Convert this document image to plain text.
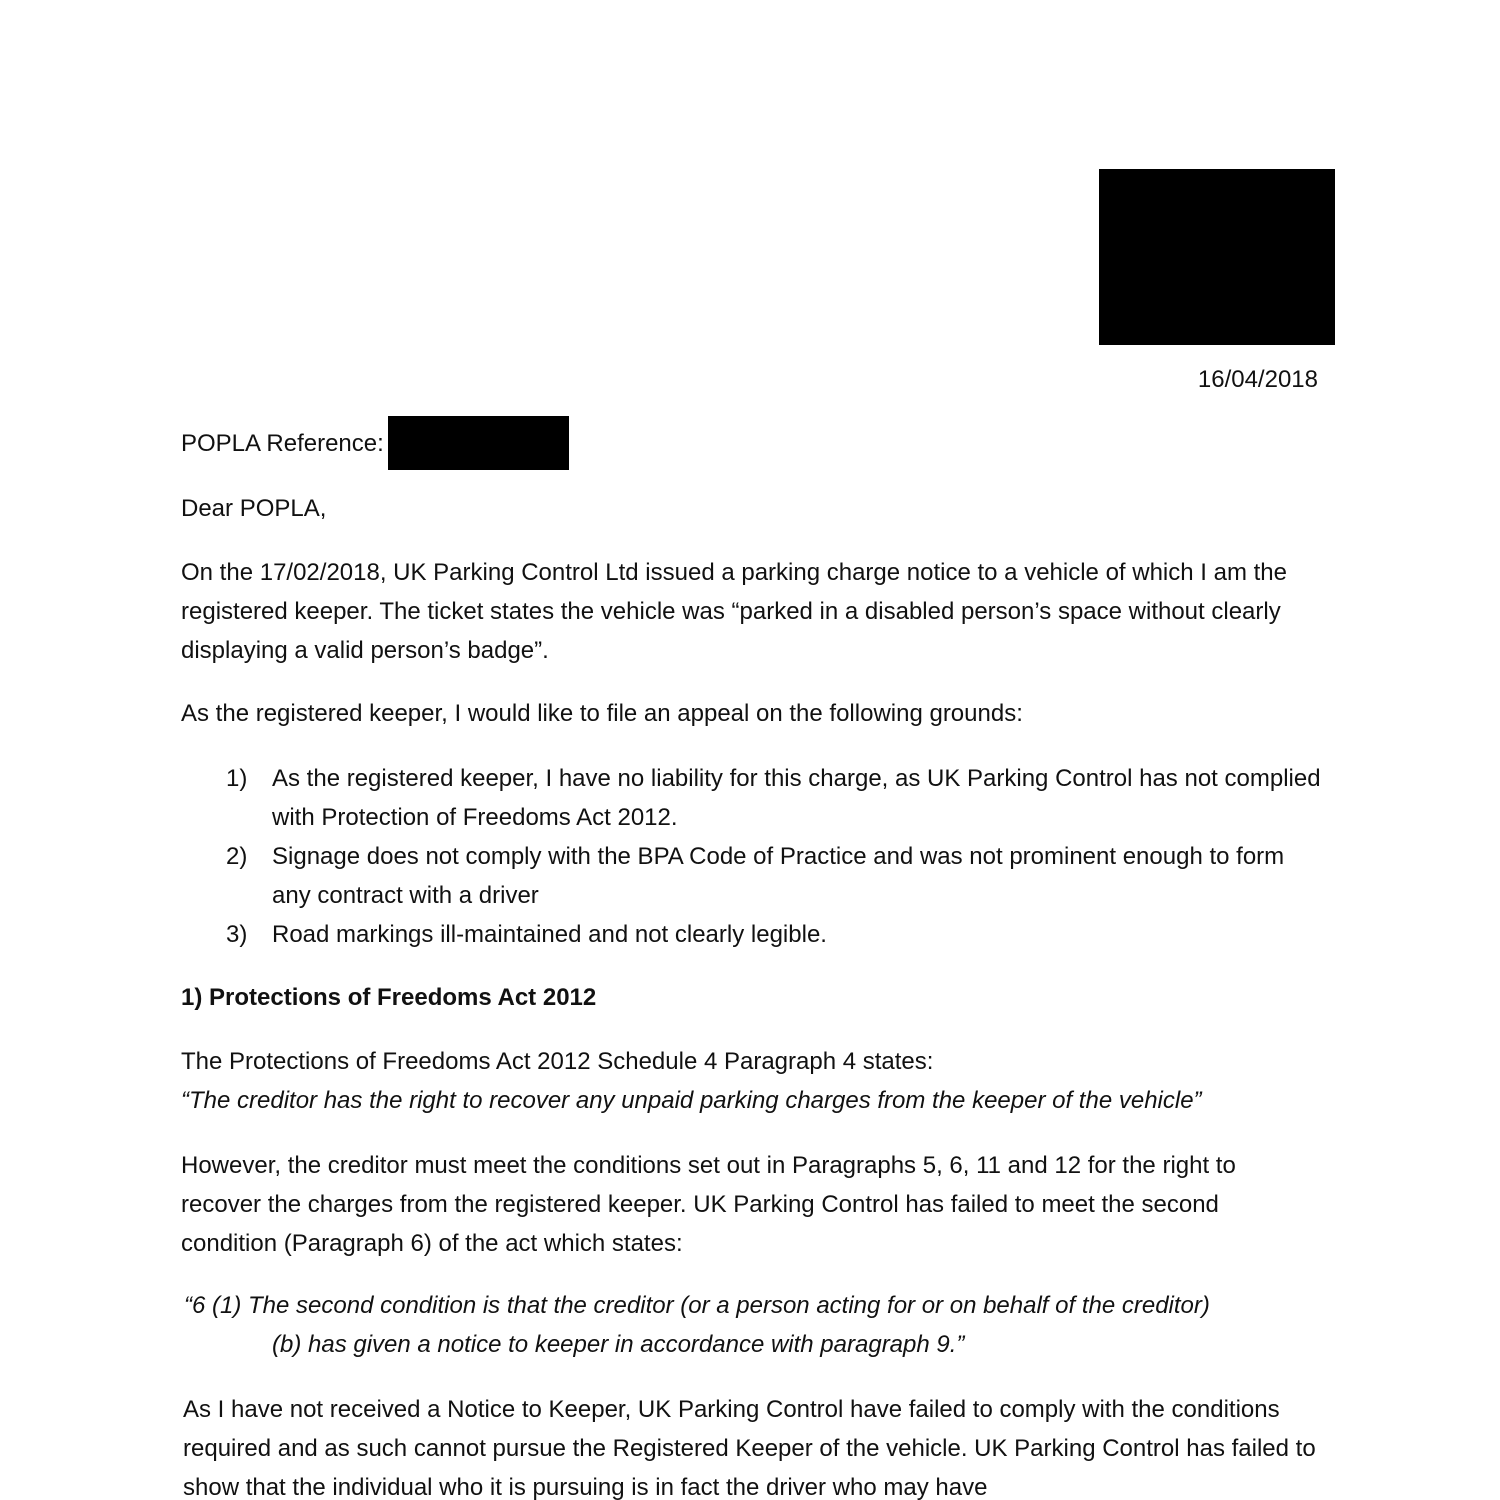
16/04/2018
POPLA Reference:
Dear POPLA,

On the 17/02/2018, UK Parking Control Ltd issued a parking charge notice to a vehicle of which I am the registered keeper. The ticket states the vehicle was “parked in a disabled person’s space without clearly displaying a valid person’s badge”.

As the registered keeper, I would like to file an appeal on the following grounds:
1)	As the registered keeper, I have no liability for this charge, as UK Parking Control has not complied with Protection of Freedoms Act 2012.
2)	Signage does not comply with the BPA Code of Practice and was not prominent enough to form any contract with a driver
3)	Road markings ill-maintained and not clearly legible.
1) Protections of Freedoms Act 2012
The Protections of Freedoms Act 2012 Schedule 4 Paragraph 4 states:
“The creditor has the right to recover any unpaid parking charges from the keeper of the vehicle”

However, the creditor must meet the conditions set out in Paragraphs 5, 6, 11 and 12 for the right to recover the charges from the registered keeper. UK Parking Control has failed to meet the second condition (Paragraph 6) of the act which states:

“6 (1) The second condition is that the creditor (or a person acting for or on behalf of the creditor)
(b) has given a notice to keeper in accordance with paragraph 9.”

As I have not received a Notice to Keeper, UK Parking Control have failed to comply with the conditions required and as such cannot pursue the Registered Keeper of the vehicle. UK Parking Control has failed to show that the individual who it is pursuing is in fact the driver who may have
